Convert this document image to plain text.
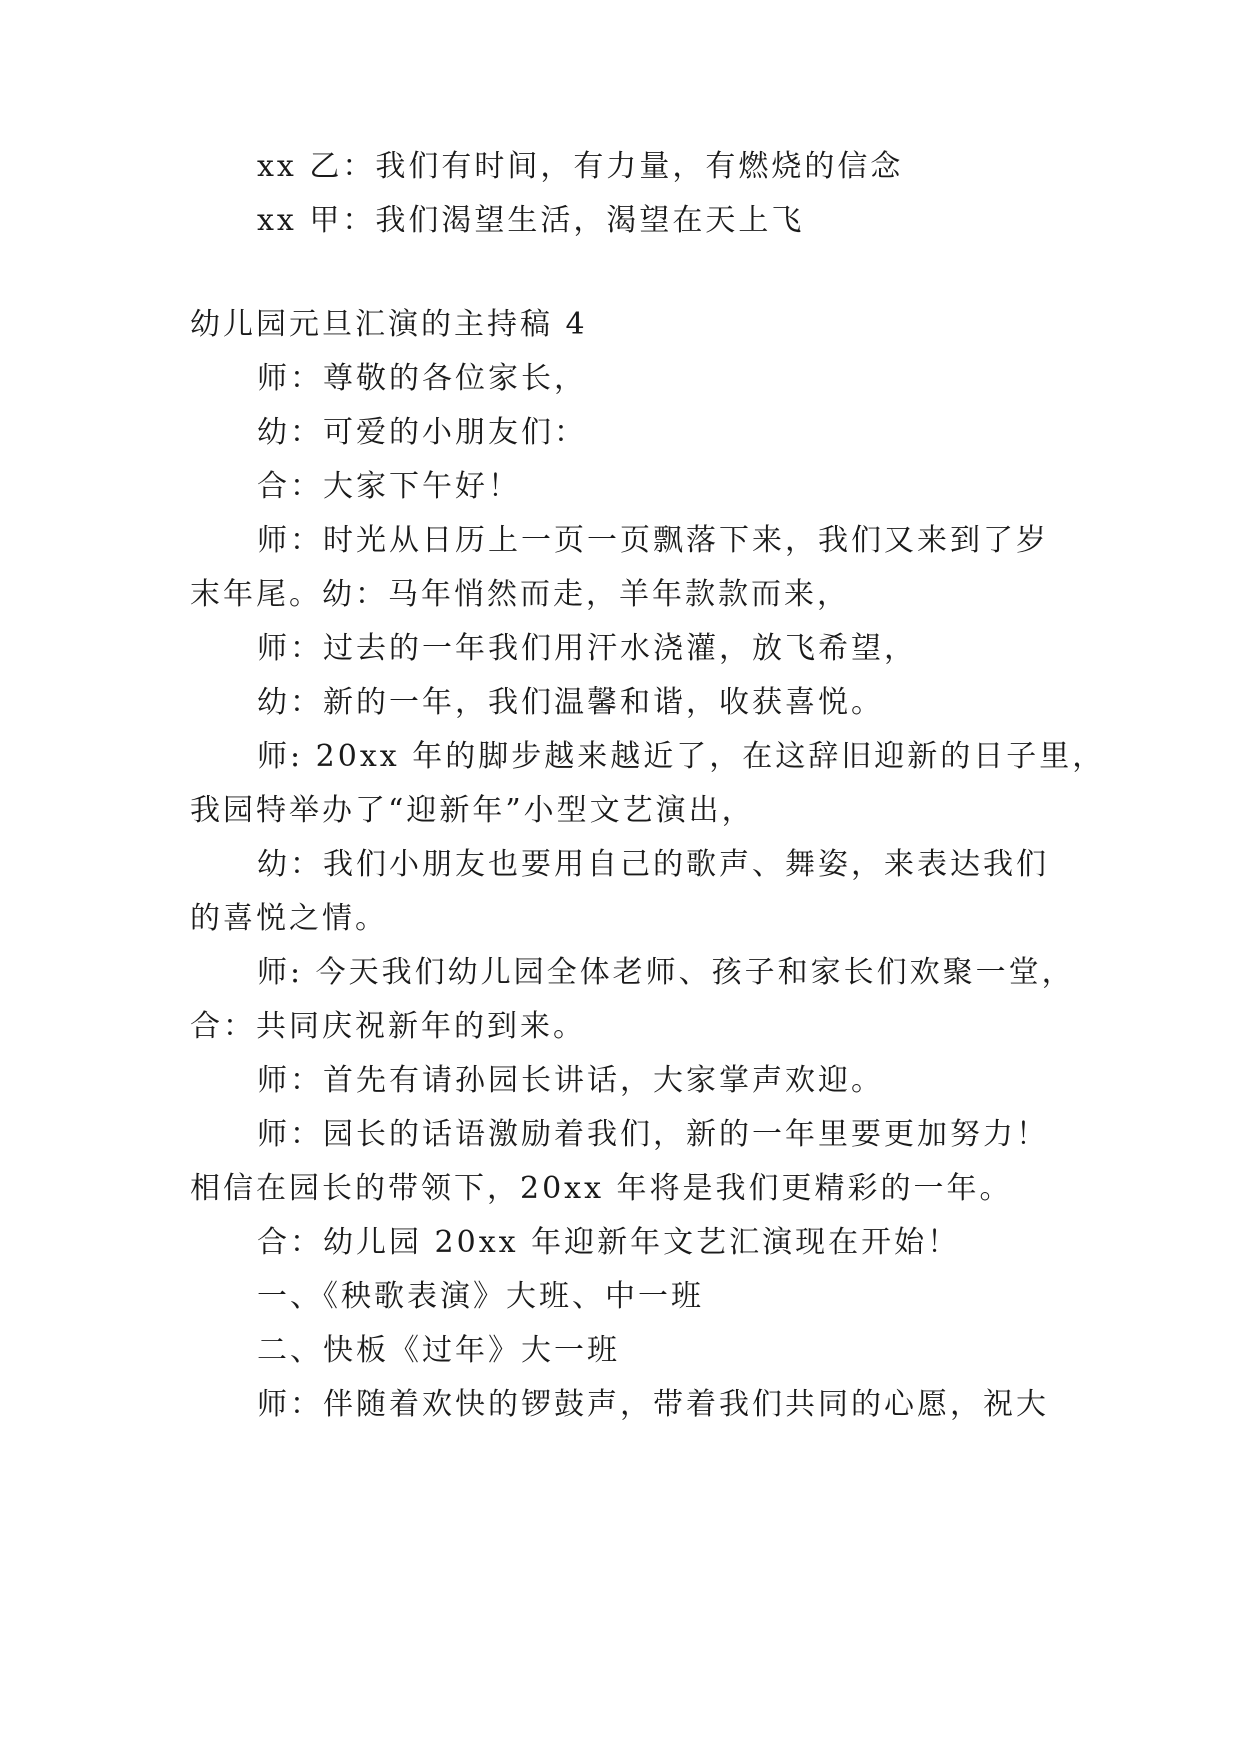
xx 乙：我们有时间，有力量，有燃烧的信念
xx 甲：我们渴望生活，渴望在天上飞
幼儿园元旦汇演的主持稿 4
师：尊敬的各位家长，
幼：可爱的小朋友们：
合：大家下午好！
师：时光从日历上一页一页飘落下来，我们又来到了岁
末年尾。幼：马年悄然而走，羊年款款而来，
师：过去的一年我们用汗水浇灌，放飞希望，
幼：新的一年，我们温馨和谐，收获喜悦。
师: 20xx 年的脚步越来越近了，在这辞旧迎新的日子里，
我园特举办了“迎新年”小型文艺演出，
幼：我们小朋友也要用自己的歌声、舞姿，来表达我们
的喜悦之情。
师: 今天我们幼儿园全体老师、孩子和家长们欢聚一堂，
合：共同庆祝新年的到来。
师：首先有请孙园长讲话，大家掌声欢迎。
师：园长的话语激励着我们，新的一年里要更加努力！
相信在园长的带领下，20xx 年将是我们更精彩的一年。
合：幼儿园 20xx 年迎新年文艺汇演现在开始！
一、《秧歌表演》大班、中一班
二、快板《过年》大一班
师：伴随着欢快的锣鼓声，带着我们共同的心愿，祝大
